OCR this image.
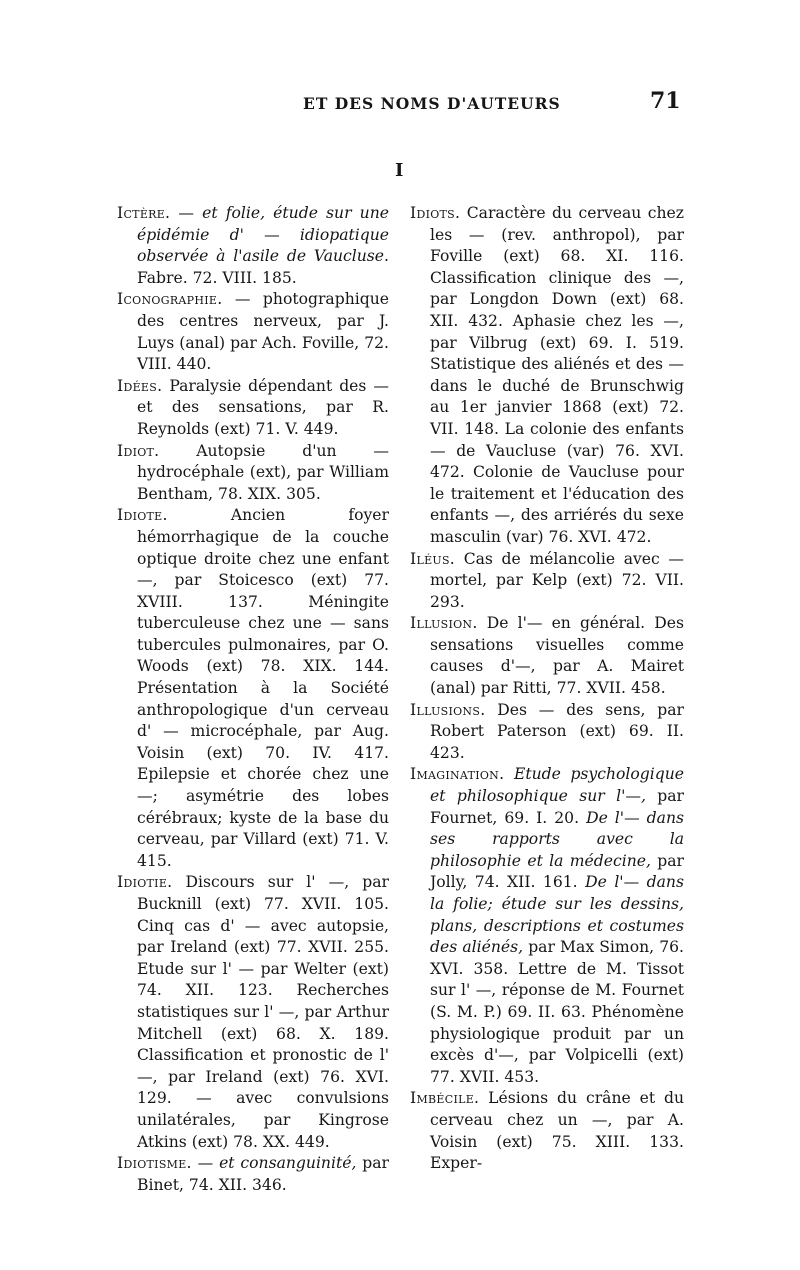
ET DES NOMS D'AUTEURS	71
I

Ictère. — et folie, étude sur une épidémie d' — idiopatique observée à l'asile de Vaucluse. Fabre. 72. VIII. 185.

Iconographie. — photographique des centres nerveux, par J. Luys (anal) par Ach. Foville, 72. VIII. 440.

Idées. Paralysie dépendant des — et des sensations, par R. Reynolds (ext) 71. V. 449.

Idiot. Autopsie d'un — hydrocéphale (ext), par William Bentham, 78. XIX. 305.

Idiote. Ancien foyer hémorrhagique de la couche optique droite chez une enfant —, par Stoicesco (ext) 77. XVIII. 137. Méningite tuberculeuse chez une — sans tubercules pulmonaires, par O. Woods (ext) 78. XIX. 144. Présentation à la Société anthropologique d'un cerveau d' — microcéphale, par Aug. Voisin (ext) 70. IV. 417. Epilepsie et chorée chez une —; asymétrie des lobes cérébraux; kyste de la base du cerveau, par Villard (ext) 71. V. 415.

Idiotie. Discours sur l' —, par Bucknill (ext) 77. XVII. 105. Cinq cas d' — avec autopsie, par Ireland (ext) 77. XVII. 255. Etude sur l' — par Welter (ext) 74. XII. 123. Recherches statistiques sur l' —, par Arthur Mitchell (ext) 68. X. 189. Classification et pronostic de l' —, par Ireland (ext) 76. XVI. 129. — avec convulsions unilatérales, par Kingrose Atkins (ext) 78. XX. 449.

Idiotisme. — et consanguinité, par Binet, 74. XII. 346.

Idiots. Caractère du cerveau chez les — (rev. anthropol), par Foville (ext) 68. XI. 116. Classification clinique des —, par Longdon Down (ext) 68. XII. 432. Aphasie chez les —, par Vilbrug (ext) 69. I. 519. Statistique des aliénés et des — dans le duché de Brunschwig au 1er janvier 1868 (ext) 72. VII. 148. La colonie des enfants — de Vaucluse (var) 76. XVI. 472. Colonie de Vaucluse pour le traitement et l'éducation des enfants —, des arriérés du sexe masculin (var) 76. XVI. 472.

Iléus. Cas de mélancolie avec — mortel, par Kelp (ext) 72. VII. 293.

Illusion. De l'— en général. Des sensations visuelles comme causes d'—, par A. Mairet (anal) par Ritti, 77. XVII. 458.

Illusions. Des — des sens, par Robert Paterson (ext) 69. II. 423.

Imagination. Etude psychologique et philosophique sur l'—, par Fournet, 69. I. 20. De l'— dans ses rapports avec la philosophie et la médecine, par Jolly, 74. XII. 161. De l'— dans la folie; étude sur les dessins, plans, descriptions et costumes des aliénés, par Max Simon, 76. XVI. 358. Lettre de M. Tissot sur l' —, réponse de M. Fournet (S. M. P.) 69. II. 63. Phénomène physiologique produit par un excès d'—, par Volpicelli (ext) 77. XVII. 453.

Imbécile. Lésions du crâne et du cerveau chez un —, par A. Voisin (ext) 75. XIII. 133. Exper-
